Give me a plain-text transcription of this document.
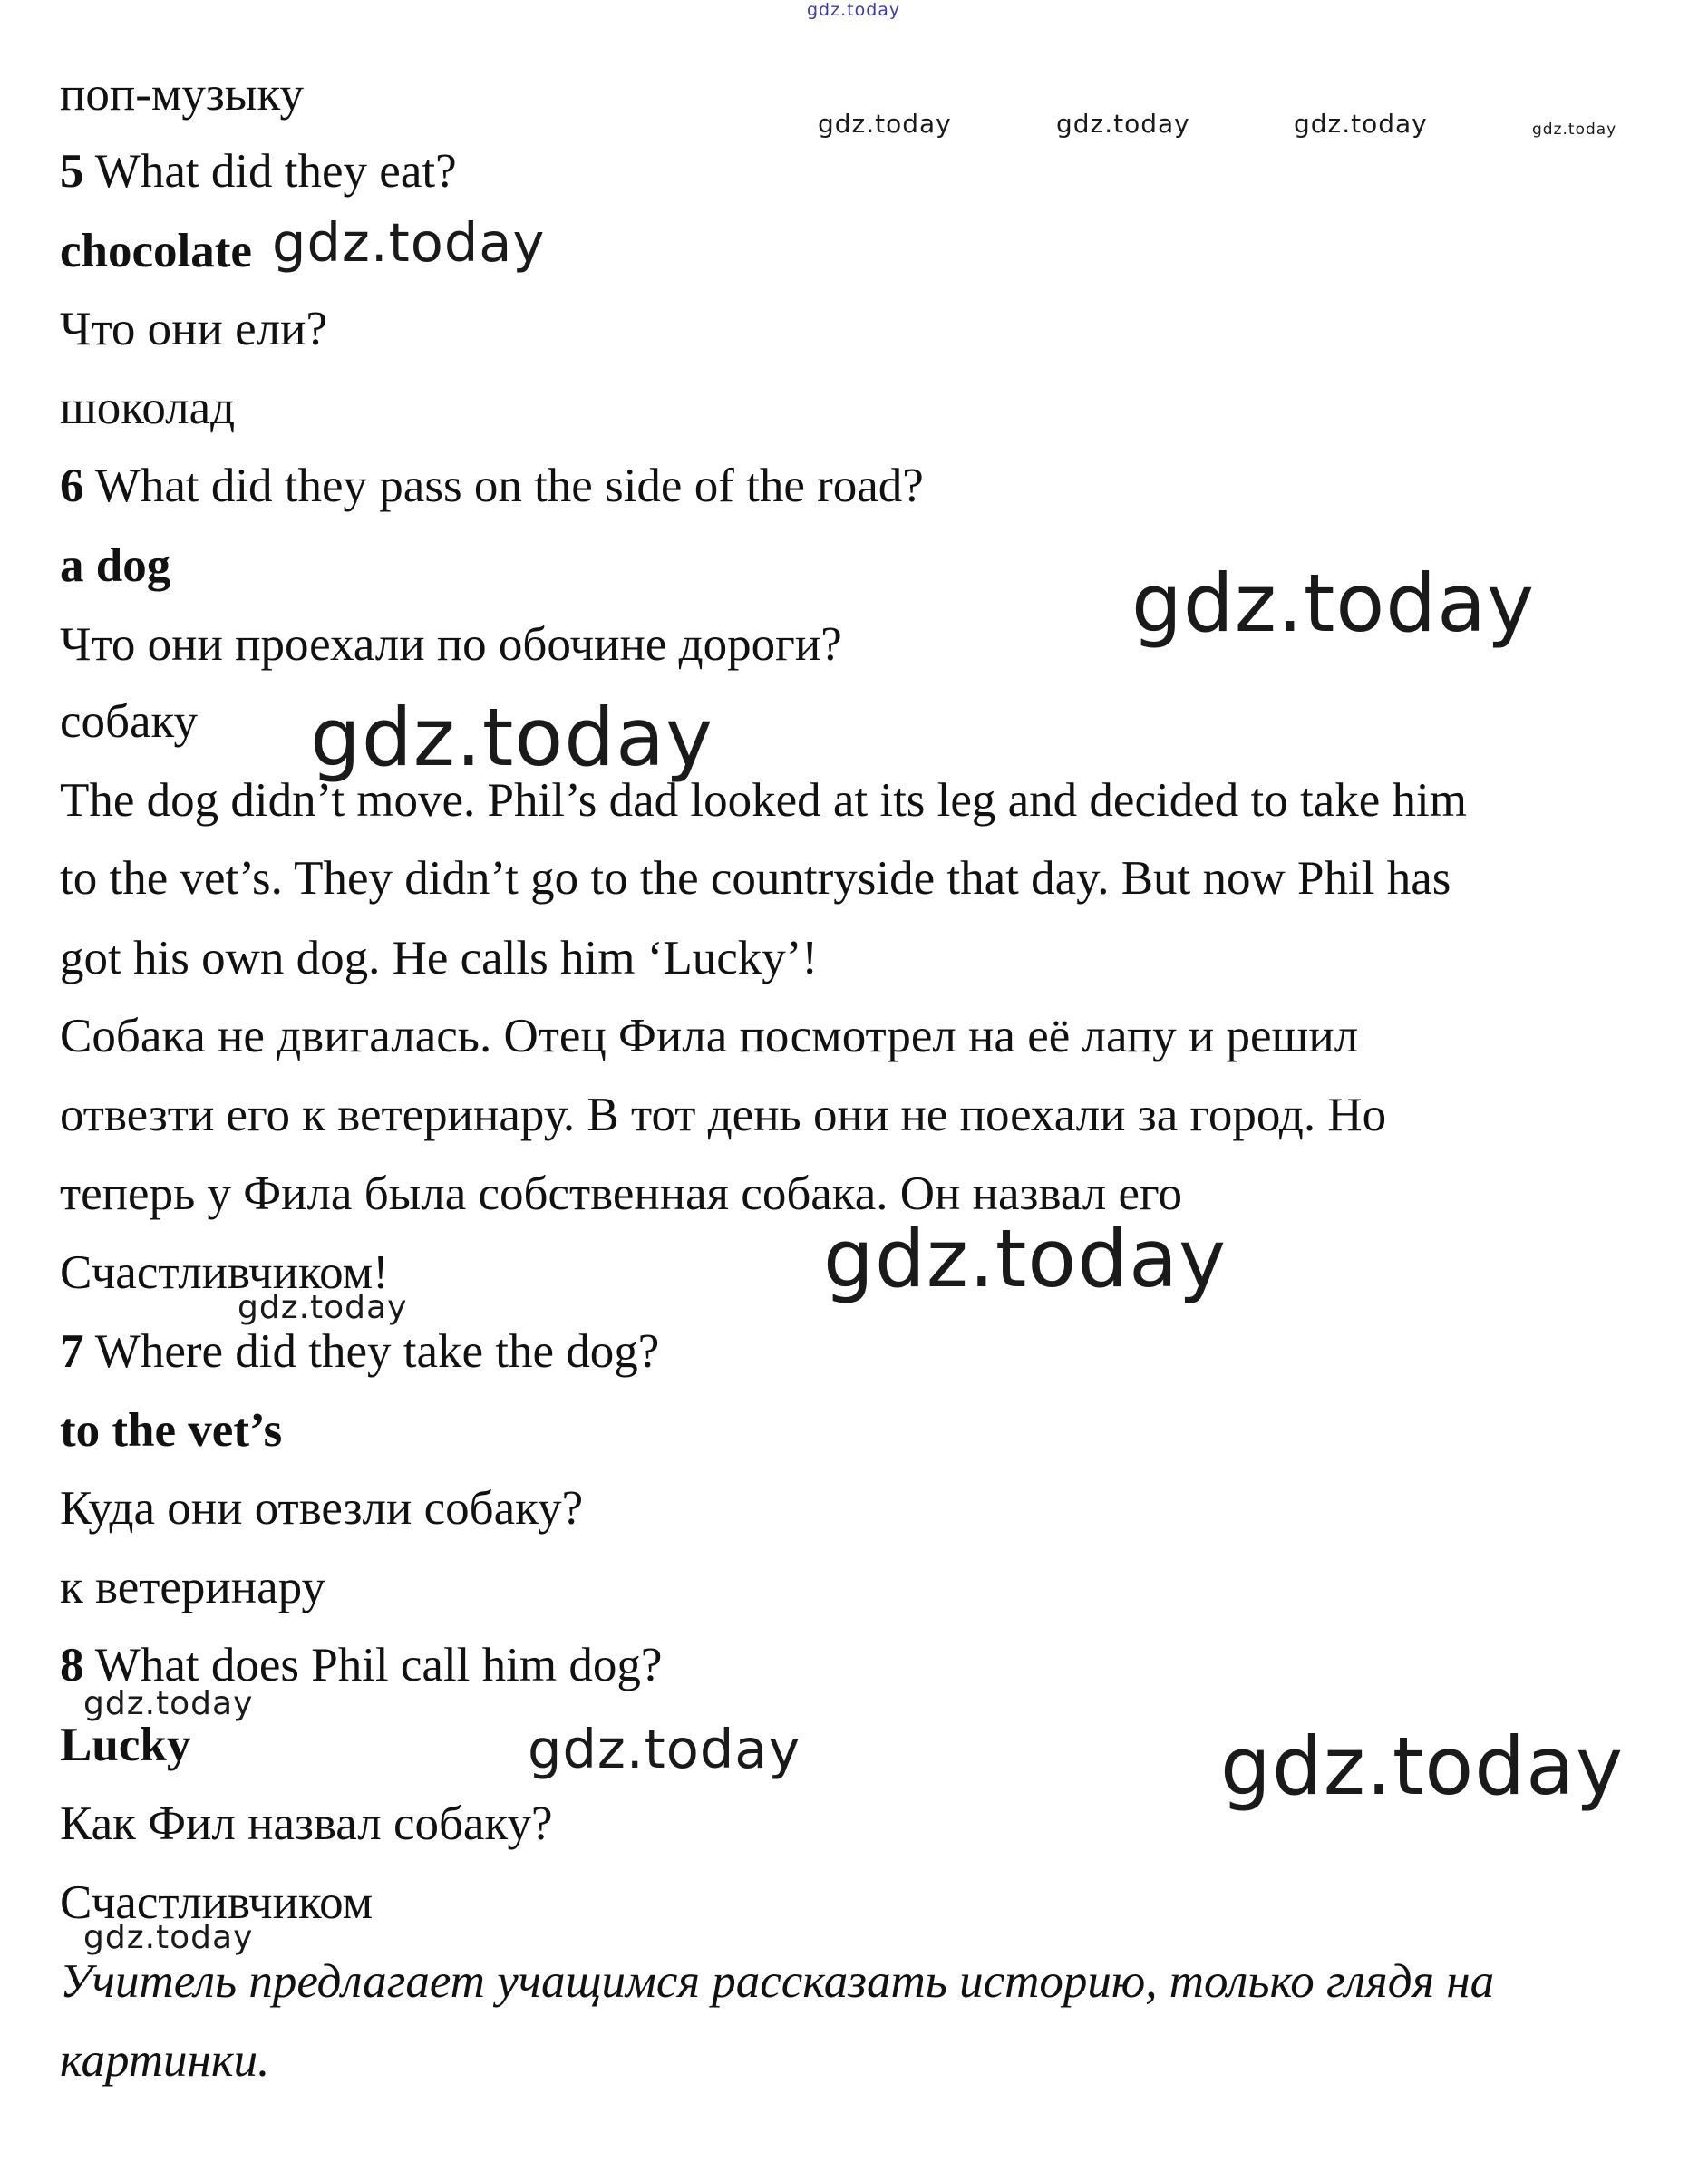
gdz.today
поп-музыку
5 What did they eat?
chocolate
Что они ели?
шоколад
6 What did they pass on the side of the road?
a dog
Что они проехали по обочине дороги?
собаку
The dog didn’t move. Phil’s dad looked at its leg and decided to take him
to the vet’s. They didn’t go to the countryside that day. But now Phil has
got his own dog. He calls him ‘Lucky’!
Собака не двигалась. Отец Фила посмотрел на её лапу и решил
отвезти его к ветеринару. В тот день они не поехали за город. Но
теперь у Фила была собственная собака. Он назвал его
Счастливчиком!
7 Where did they take the dog?
to the vet’s
Куда они отвезли собаку?
к ветеринару
8 What does Phil call him dog?
Lucky
Как Фил назвал собаку?
Счастливчиком
Учитель предлагает учащимся рассказать историю, только глядя на
картинки.
gdz.today	gdz.today	gdz.today	gdz.today
gdz.today
gdz.today
gdz.today
gdz.today
gdz.today
gdz.today
gdz.today	gdz.today
gdz.today
